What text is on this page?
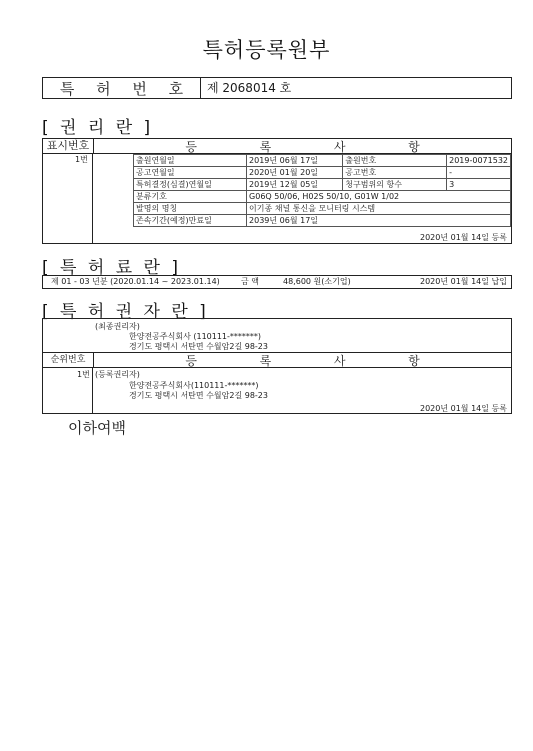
특허등록원부
특 허 번 호	제 2068014 호
[ 권 리 란 ]
표시번호	등	록	사	항
1번	출원연월일	2019년 06월 17일	출원번호	2019-0071532
공고연월일	2020년 01월 20일	공고번호	-
특허결정(심결)연월일	2019년 12월 05일	청구범위의 항수	3
분류기호	G06Q 50/06, H02S 50/10, G01W 1/02		
발명의 명칭	이기종 채널 통신을 모니터링 시스템		
존속기간(예정)만료일	2039년 06월 17일		
2020년 01월 14일 등록
[ 특 허 료 란 ]
제 01 - 03 년분 (2020.01.14 ~ 2023.01.14)	금 액	48,600 원(소기업)	2020년 01월 14일 납입
[ 특 허 권 자 란 ]
(최종권리자)
한양전공주식회사 (110111-*******)
경기도 평택시 서탄면 수월암2길 98-23
순위번호	등	록	사	항
1번 (등록권리자)
한양전공주식회사(110111-*******)
경기도 평택시 서탄면 수월암2길 98-23
2020년 01월 14일 등록
이하여백
